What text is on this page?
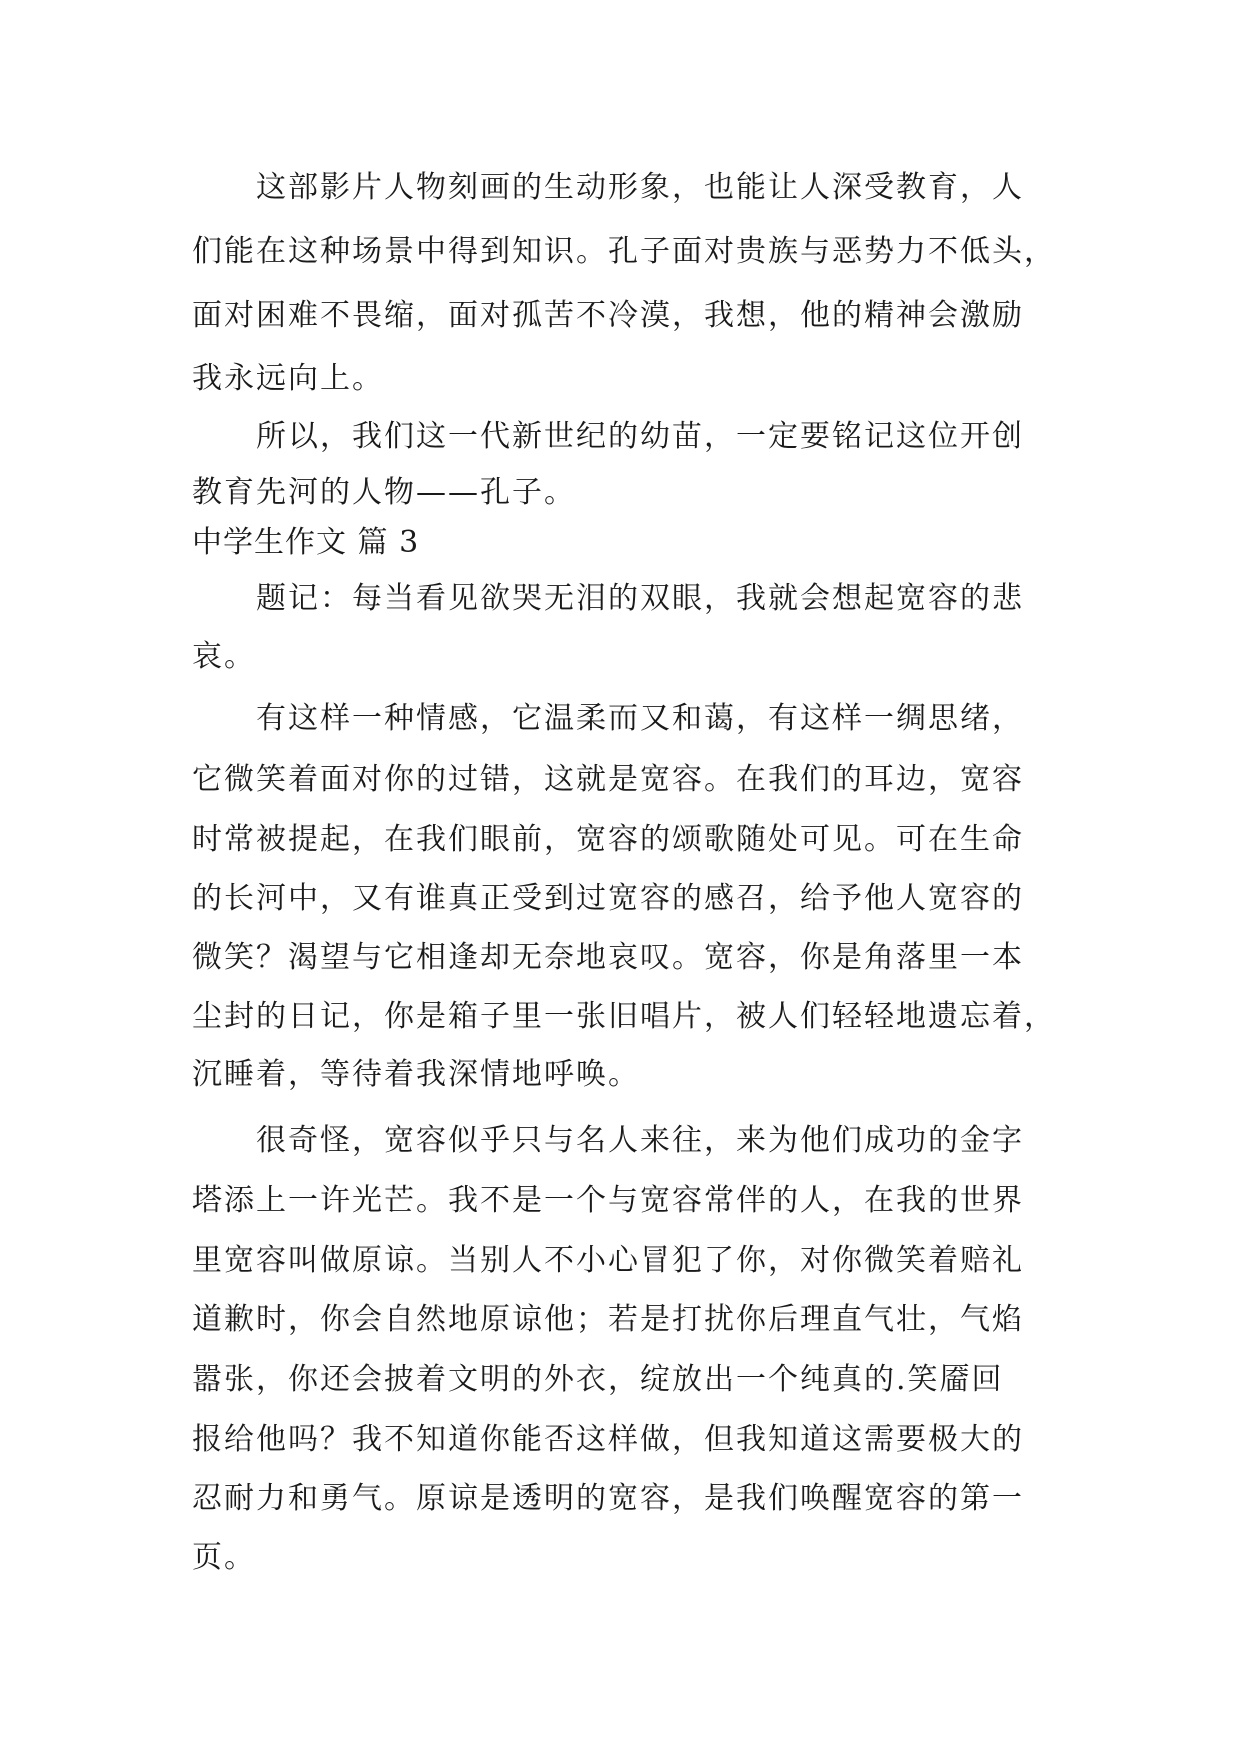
这部影片人物刻画的生动形象，也能让人深受教育，人
们能在这种场景中得到知识。孔子面对贵族与恶势力不低头，
面对困难不畏缩，面对孤苦不冷漠，我想，他的精神会激励
我永远向上。
所以，我们这一代新世纪的幼苗，一定要铭记这位开创
教育先河的人物——孔子。
中学生作文 篇 3
题记：每当看见欲哭无泪的双眼，我就会想起宽容的悲
哀。
有这样一种情感，它温柔而又和蔼，有这样一绸思绪，
它微笑着面对你的过错，这就是宽容。在我们的耳边，宽容
时常被提起，在我们眼前，宽容的颂歌随处可见。可在生命
的长河中，又有谁真正受到过宽容的感召，给予他人宽容的
微笑？渴望与它相逢却无奈地哀叹。宽容，你是角落里一本
尘封的日记，你是箱子里一张旧唱片，被人们轻轻地遗忘着，
沉睡着，等待着我深情地呼唤。
很奇怪，宽容似乎只与名人来往，来为他们成功的金字
塔添上一许光芒。我不是一个与宽容常伴的人，在我的世界
里宽容叫做原谅。当别人不小心冒犯了你，对你微笑着赔礼
道歉时，你会自然地原谅他；若是打扰你后理直气壮，气焰
嚣张，你还会披着文明的外衣，绽放出一个纯真的.笑靥回
报给他吗？我不知道你能否这样做，但我知道这需要极大的
忍耐力和勇气。原谅是透明的宽容，是我们唤醒宽容的第一
页。
